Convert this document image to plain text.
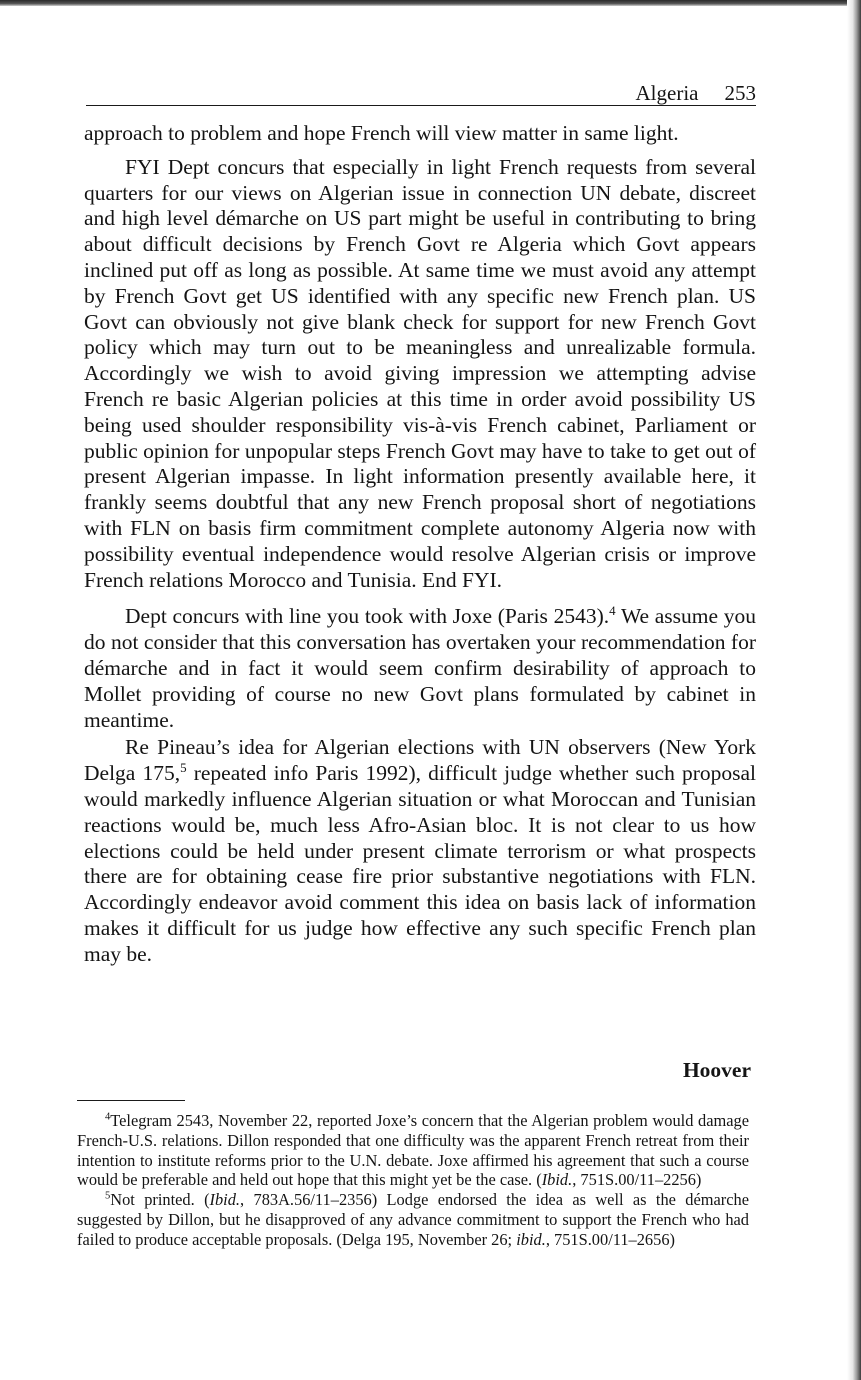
Algeria 253

approach to problem and hope French will view matter in same light.

FYI Dept concurs that especially in light French requests from several quarters for our views on Algerian issue in connection UN debate, discreet and high level démarche on US part might be useful in contributing to bring about difficult decisions by French Govt re Algeria which Govt appears inclined put off as long as possible. At same time we must avoid any attempt by French Govt get US identified with any specific new French plan. US Govt can obviously not give blank check for support for new French Govt policy which may turn out to be meaningless and unrealizable formula. Accordingly we wish to avoid giving impression we attempting advise French re basic Algerian policies at this time in order avoid possibility US being used shoulder responsibility vis-à-vis French cabinet, Parliament or public opinion for unpopular steps French Govt may have to take to get out of present Algerian impasse. In light information presently available here, it frankly seems doubtful that any new French proposal short of negotiations with FLN on basis firm commitment complete autonomy Algeria now with possibility eventual independence would resolve Algerian crisis or improve French relations Morocco and Tunisia. End FYI.

Dept concurs with line you took with Joxe (Paris 2543).$^4$ We assume you do not consider that this conversation has overtaken your recommendation for démarche and in fact it would seem confirm desirability of approach to Mollet providing of course no new Govt plans formulated by cabinet in meantime.

Re Pineau’s idea for Algerian elections with UN observers (New York Delga 175,$^5$ repeated info Paris 1992), difficult judge whether such proposal would markedly influence Algerian situation or what Moroccan and Tunisian reactions would be, much less Afro-Asian bloc. It is not clear to us how elections could be held under present climate terrorism or what prospects there are for obtaining cease fire prior substantive negotiations with FLN. Accordingly endeavor avoid comment this idea on basis lack of information makes it difficult for us judge how effective any such specific French plan may be.

Hoover

$^4$Telegram 2543, November 22, reported Joxe’s concern that the Algerian problem would damage French-U.S. relations. Dillon responded that one difficulty was the apparent French retreat from their intention to institute reforms prior to the U.N. debate. Joxe affirmed his agreement that such a course would be preferable and held out hope that this might yet be the case. (Ibid., 751S.00/11–2256)

$^5$Not printed. (Ibid., 783A.56/11–2356) Lodge endorsed the idea as well as the démarche suggested by Dillon, but he disapproved of any advance commitment to support the French who had failed to produce acceptable proposals. (Delga 195, November 26; ibid., 751S.00/11–2656)
